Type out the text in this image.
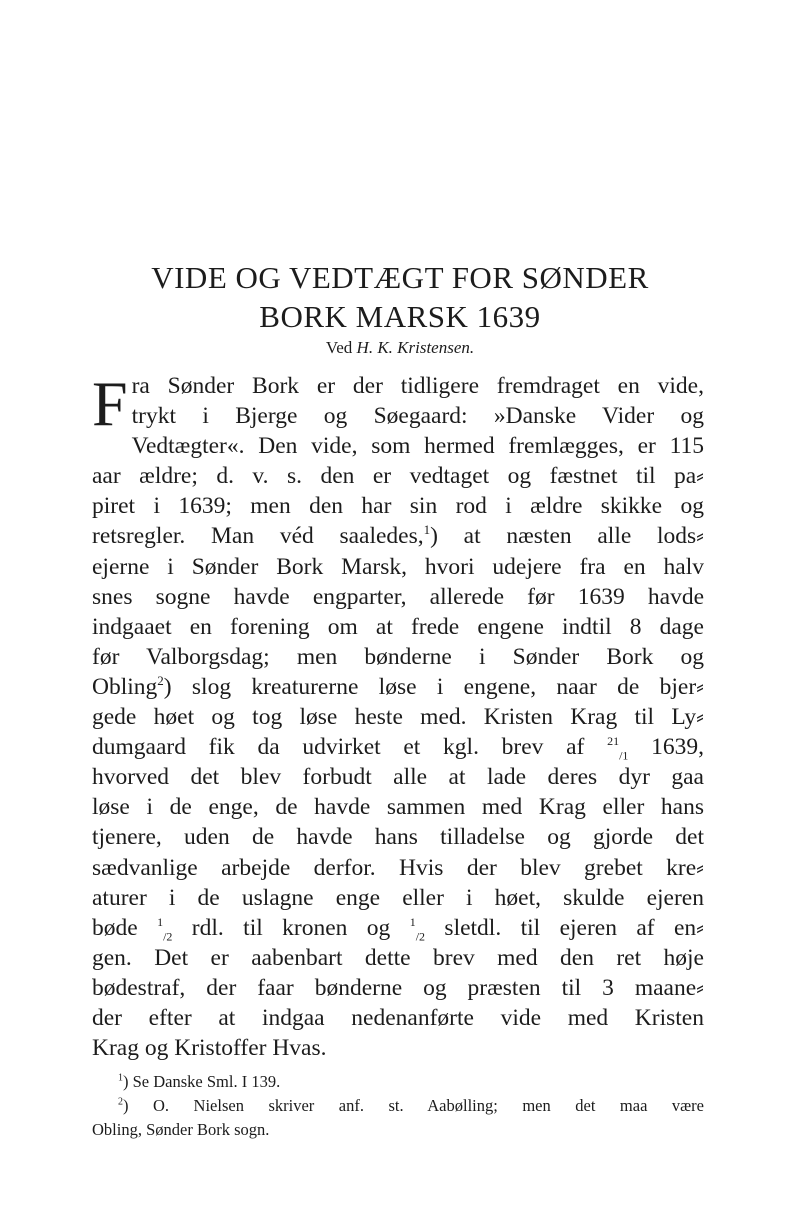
VIDE OG VEDTÆGT FOR SØNDER
BORK MARSK 1639
Ved H. K. Kristensen.
F ra Sønder Bork er der tidligere fremdraget en vide,
trykt i Bjerge og Søegaard: »Danske Vider og
Vedtægter«. Den vide, som hermed fremlægges, er 115
aar ældre; d. v. s. den er vedtaget og fæstnet til pa⸗
piret i 1639; men den har sin rod i ældre skikke og
retsregler. Man véd saaledes,$^1$) at næsten alle lods⸗
ejerne i Sønder Bork Marsk, hvori udejere fra en halv
snes sogne havde engparter, allerede før 1639 havde
indgaaet en forening om at frede engene indtil 8 dage
før Valborgsdag; men bønderne i Sønder Bork og
Obling$^2$) slog kreaturerne løse i engene, naar de bjer⸗
gede høet og tog løse heste med. Kristen Krag til Ly⸗
dumgaard fik da udvirket et kgl. brev af $^{21}_{/1}$ 1639,
hvorved det blev forbudt alle at lade deres dyr gaa
løse i de enge, de havde sammen med Krag eller hans
tjenere, uden de havde hans tilladelse og gjorde det
sædvanlige arbejde derfor. Hvis der blev grebet kre⸗
aturer i de uslagne enge eller i høet, skulde ejeren
bøde $^1_{/2}$ rdl. til kronen og $^1_{/2}$ sletdl. til ejeren af en⸗
gen. Det er aabenbart dette brev med den ret høje
bødestraf, der faar bønderne og præsten til 3 maane⸗
der efter at indgaa nedenanførte vide med Kristen
Krag og Kristoffer Hvas.
$^1$) Se Danske Sml. I 139.
$^2$) O. Nielsen skriver anf. st. Aabølling; men det maa være
Obling, Sønder Bork sogn.
